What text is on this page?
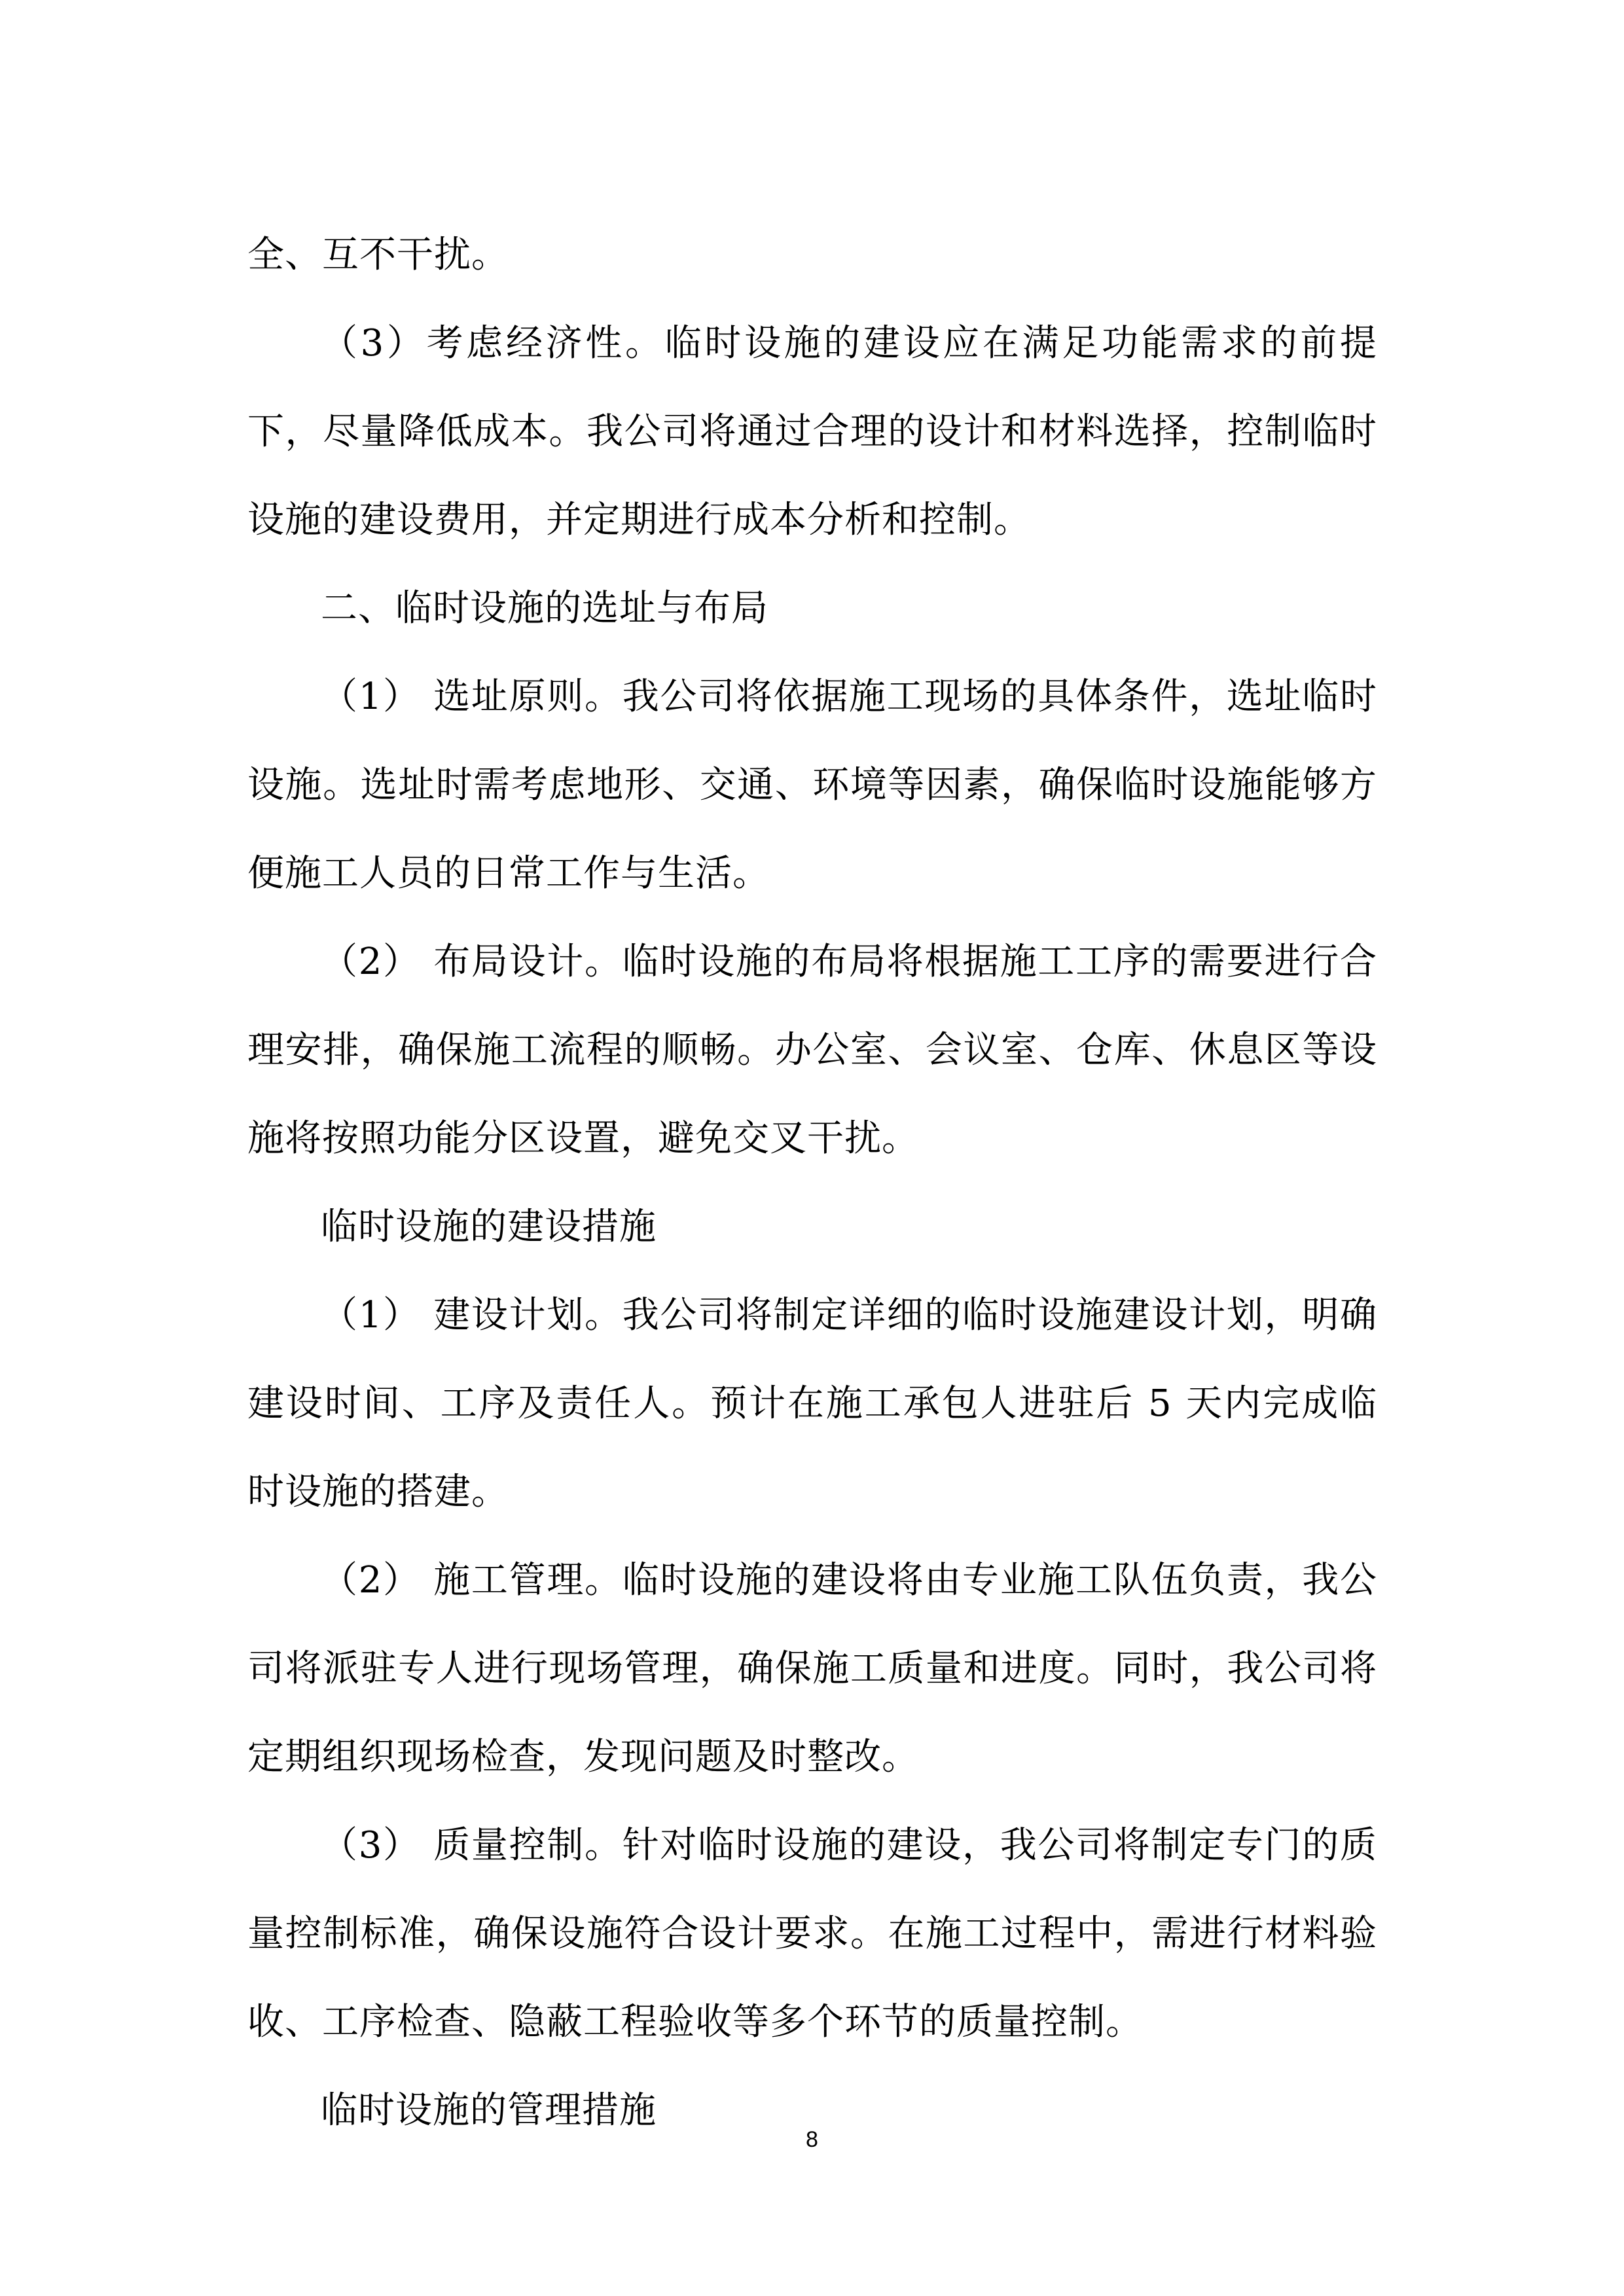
全、互不干扰。

（3）考虑经济性。临时设施的建设应在满足功能需求的前提下，尽量降低成本。我公司将通过合理的设计和材料选择，控制临时设施的建设费用，并定期进行成本分析和控制。

二、临时设施的选址与布局

（1） 选址原则。我公司将依据施工现场的具体条件，选址临时设施。选址时需考虑地形、交通、环境等因素，确保临时设施能够方便施工人员的日常工作与生活。

（2） 布局设计。临时设施的布局将根据施工工序的需要进行合理安排，确保施工流程的顺畅。办公室、会议室、仓库、休息区等设施将按照功能分区设置，避免交叉干扰。

临时设施的建设措施

（1） 建设计划。我公司将制定详细的临时设施建设计划，明确建设时间、工序及责任人。预计在施工承包人进驻后 5 天内完成临时设施的搭建。

（2） 施工管理。临时设施的建设将由专业施工队伍负责，我公司将派驻专人进行现场管理，确保施工质量和进度。同时，我公司将定期组织现场检查，发现问题及时整改。

（3） 质量控制。针对临时设施的建设，我公司将制定专门的质量控制标准，确保设施符合设计要求。在施工过程中，需进行材料验收、工序检查、隐蔽工程验收等多个环节的质量控制。

临时设施的管理措施

8
